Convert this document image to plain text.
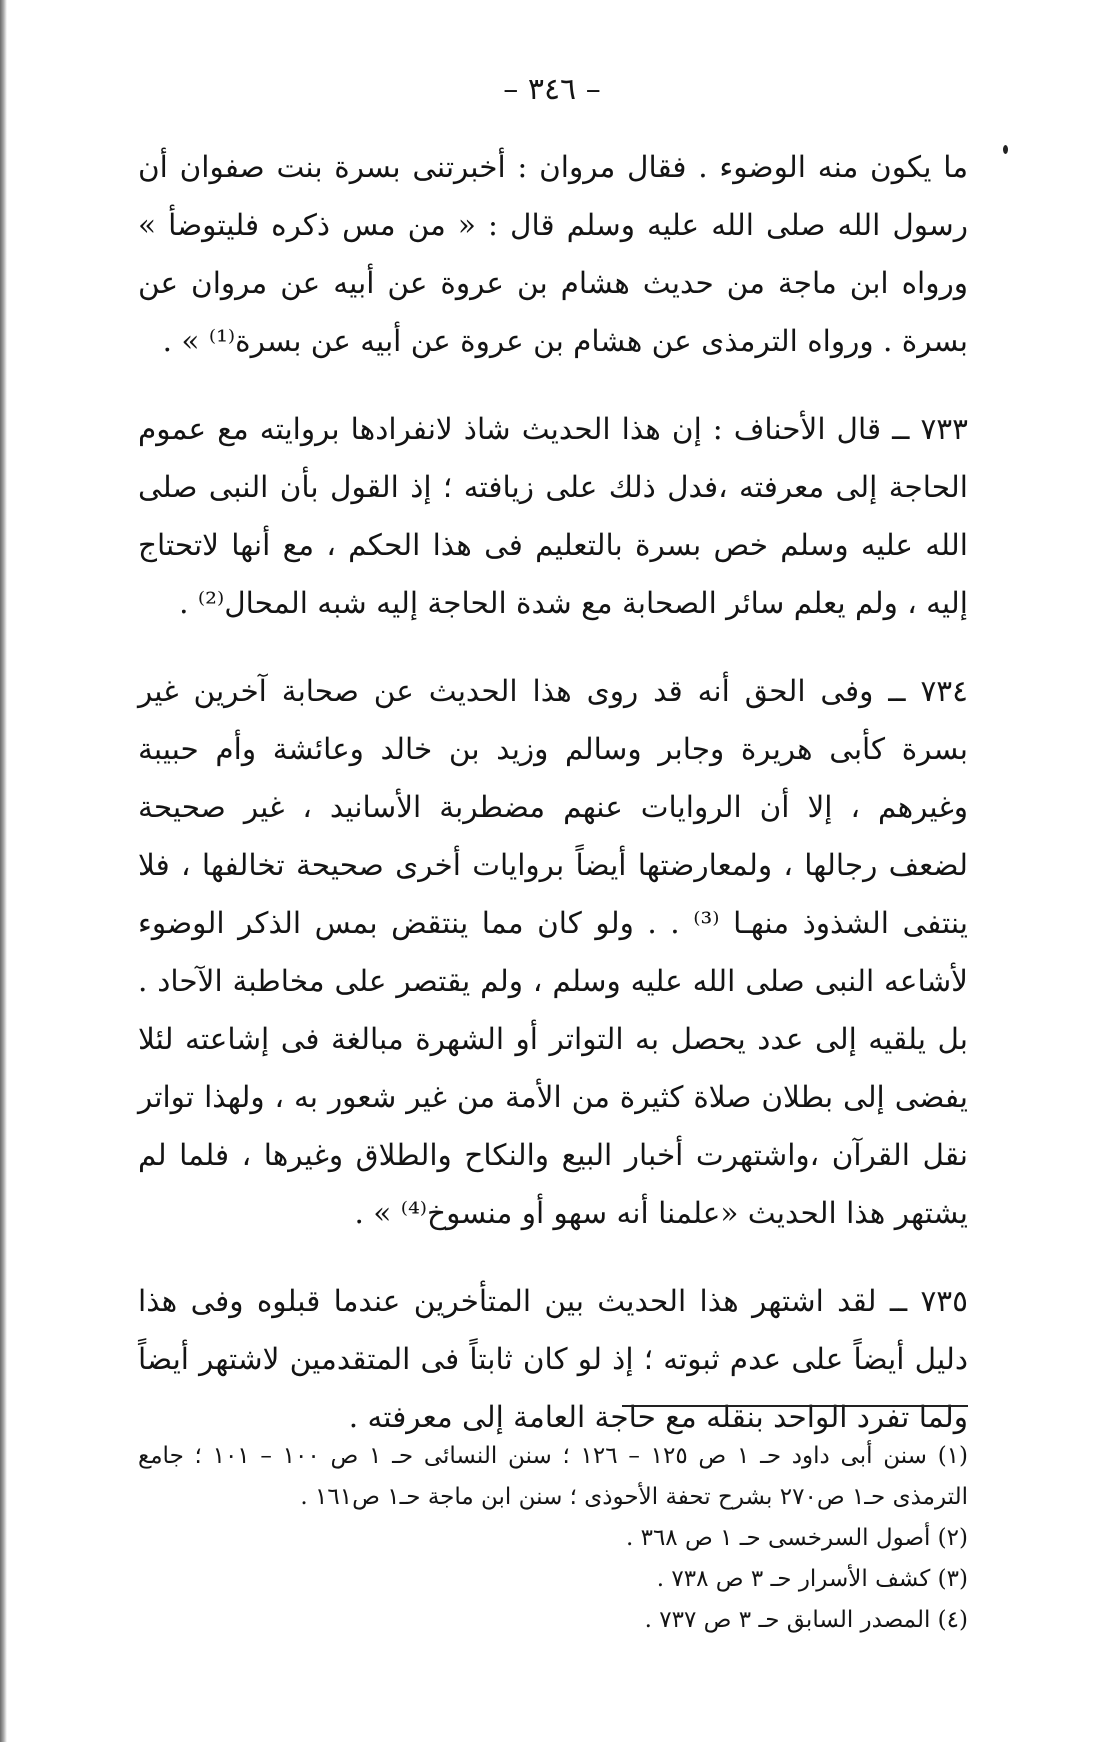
– ٣٤٦ –

ما يكون منه الوضوء . فقال مروان : أخبرتنى بسرة بنت صفوان أن رسول الله صلى الله عليه وسلم قال : « من مس ذكره فليتوضأ » ورواه ابن ماجة من حديث هشام بن عروة عن أبيه عن مروان عن بسرة . ورواه الترمذى عن هشام بن عروة عن أبيه عن بسرة⁽¹⁾ » .

٧٣٣ ــ قال الأحناف : إن هذا الحديث شاذ لانفرادها بروايته مع عموم الحاجة إلى معرفته ،فدل ذلك على زيافته ؛ إذ القول بأن النبى صلى الله عليه وسلم خص بسرة بالتعليم فى هذا الحكم ، مع أنها لاتحتاج إليه ، ولم يعلم سائر الصحابة مع شدة الحاجة إليه شبه المحال⁽²⁾ .

٧٣٤ ــ وفى الحق أنه قد روى هذا الحديث عن صحابة آخرين غير بسرة كأبى هريرة وجابر وسالم وزيد بن خالد وعائشة وأم حبيبة وغيرهم ، إلا أن الروايات عنهم مضطربة الأسانيد ، غير صحيحة لضعف رجالها ، ولمعارضتها أيضاً بروايات أخرى صحيحة تخالفها ، فلا ينتفى الشذوذ منهـا ⁽³⁾ . . ولو كان مما ينتقض بمس الذكر الوضوء لأشاعه النبى صلى الله عليه وسلم ، ولم يقتصر على مخاطبة الآحاد . بل يلقيه إلى عدد يحصل به التواتر أو الشهرة مبالغة فى إشاعته لئلا يفضى إلى بطلان صلاة كثيرة من الأمة من غير شعور به ، ولهذا تواتر نقل القرآن ،واشتهرت أخبار البيع والنكاح والطلاق وغيرها ، فلما لم يشتهر هذا الحديث «علمنا أنه سهو أو منسوخ⁽⁴⁾ » .

٧٣٥ ــ لقد اشتهر هذا الحديث بين المتأخرين عندما قبلوه وفى هذا دليل أيضاً على عدم ثبوته ؛ إذ لو كان ثابتاً فى المتقدمين لاشتهر أيضاً ولما تفرد الواحد بنقله مع حاجة العامة إلى معرفته .

(١) سنن أبى داود حـ ١ ص ١٢٥ – ١٢٦ ؛ سنن النسائى حـ ١ ص ١٠٠ – ١٠١ ؛ جامع الترمذى حـ١ ص٢٧٠ بشرح تحفة الأحوذى ؛ سنن ابن ماجة حـ١ ص١٦١ .

(٢) أصول السرخسى حـ ١ ص ٣٦٨ .

(٣) كشف الأسرار حـ ٣ ص ٧٣٨ .

(٤) المصدر السابق حـ ٣ ص ٧٣٧ .
